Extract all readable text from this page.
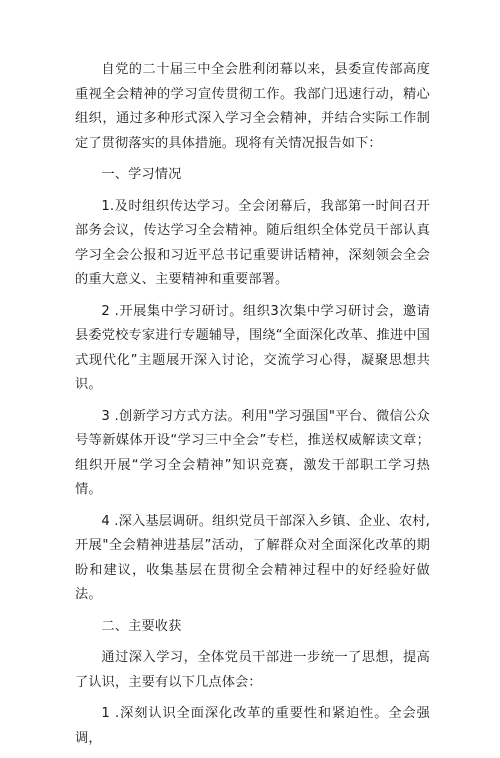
自党的二十届三中全会胜利闭幕以来，县委宣传部高度重视全会精神的学习宣传贯彻工作。我部门迅速行动，精心组织，通过多种形式深入学习全会精神，并结合实际工作制定了贯彻落实的具体措施。现将有关情况报告如下：

一、学习情况

1.及时组织传达学习。全会闭幕后，我部第一时间召开部务会议，传达学习全会精神。随后组织全体党员干部认真学习全会公报和习近平总书记重要讲话精神，深刻领会全会的重大意义、主要精神和重要部署。

2 .开展集中学习研讨。组织3次集中学习研讨会，邀请县委党校专家进行专题辅导，围绕“全面深化改革、推进中国式现代化”主题展开深入讨论，交流学习心得，凝聚思想共识。

3 .创新学习方式方法。利用"学习强国"平台、微信公众号等新媒体开设“学习三中全会”专栏，推送权威解读文章；组织开展“学习全会精神”知识竞赛，激发干部职工学习热情。

4 .深入基层调研。组织党员干部深入乡镇、企业、农村,开展"全会精神进基层”活动，了解群众对全面深化改革的期盼和建议，收集基层在贯彻全会精神过程中的好经验好做法。

二、主要收获

通过深入学习，全体党员干部进一步统一了思想，提高了认识，主要有以下几点体会：

1 .深刻认识全面深化改革的重要性和紧迫性。全会强调，
